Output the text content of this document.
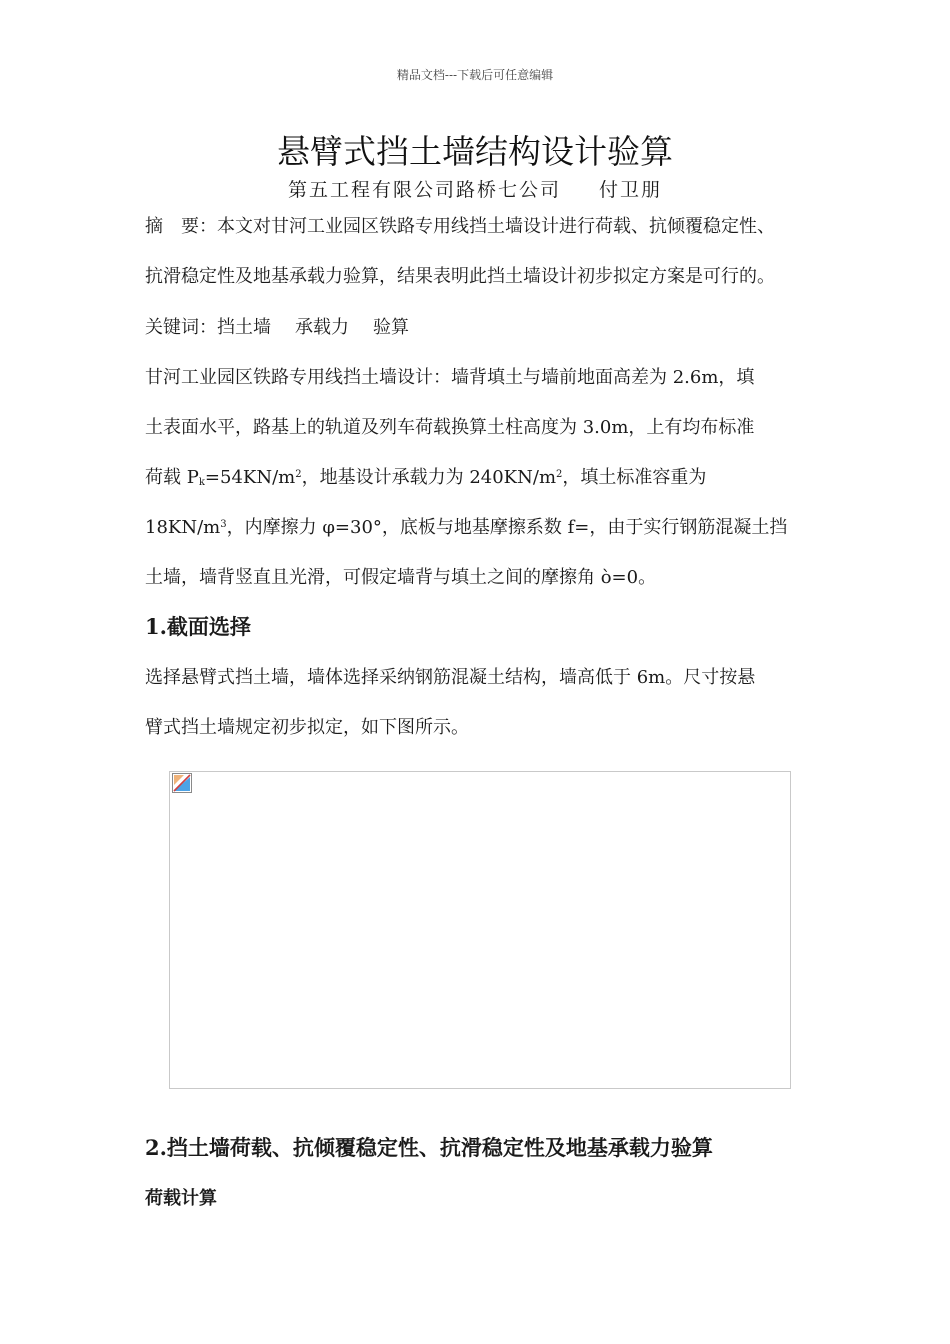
精品文档---下载后可任意编辑
悬臂式挡土墙结构设计验算
第五工程有限公司路桥七公司 付卫朋
摘　要：本文对甘河工业园区铁路专用线挡土墙设计进行荷载、抗倾覆稳定性、
抗滑稳定性及地基承载力验算，结果表明此挡土墙设计初步拟定方案是可行的。
关键词：挡土墙 承载力 验算
甘河工业园区铁路专用线挡土墙设计：墙背填土与墙前地面高差为 2.6m，填
土表面水平，路基上的轨道及列车荷载换算土柱高度为 3.0m，上有均布标准
荷载 $P_k=54KN/m^2$，地基设计承载力为 $240KN/m^2$，填土标准容重为
$18KN/m^3$，内摩擦力 φ=30°，底板与地基摩擦系数 f=，由于实行钢筋混凝土挡
土墙，墙背竖直且光滑，可假定墙背与填土之间的摩擦角 ò=0。
1.截面选择
选择悬臂式挡土墙，墙体选择采纳钢筋混凝土结构，墙高低于 6m。尺寸按悬
臂式挡土墙规定初步拟定，如下图所示。
2.挡土墙荷载、抗倾覆稳定性、抗滑稳定性及地基承载力验算
荷载计算
